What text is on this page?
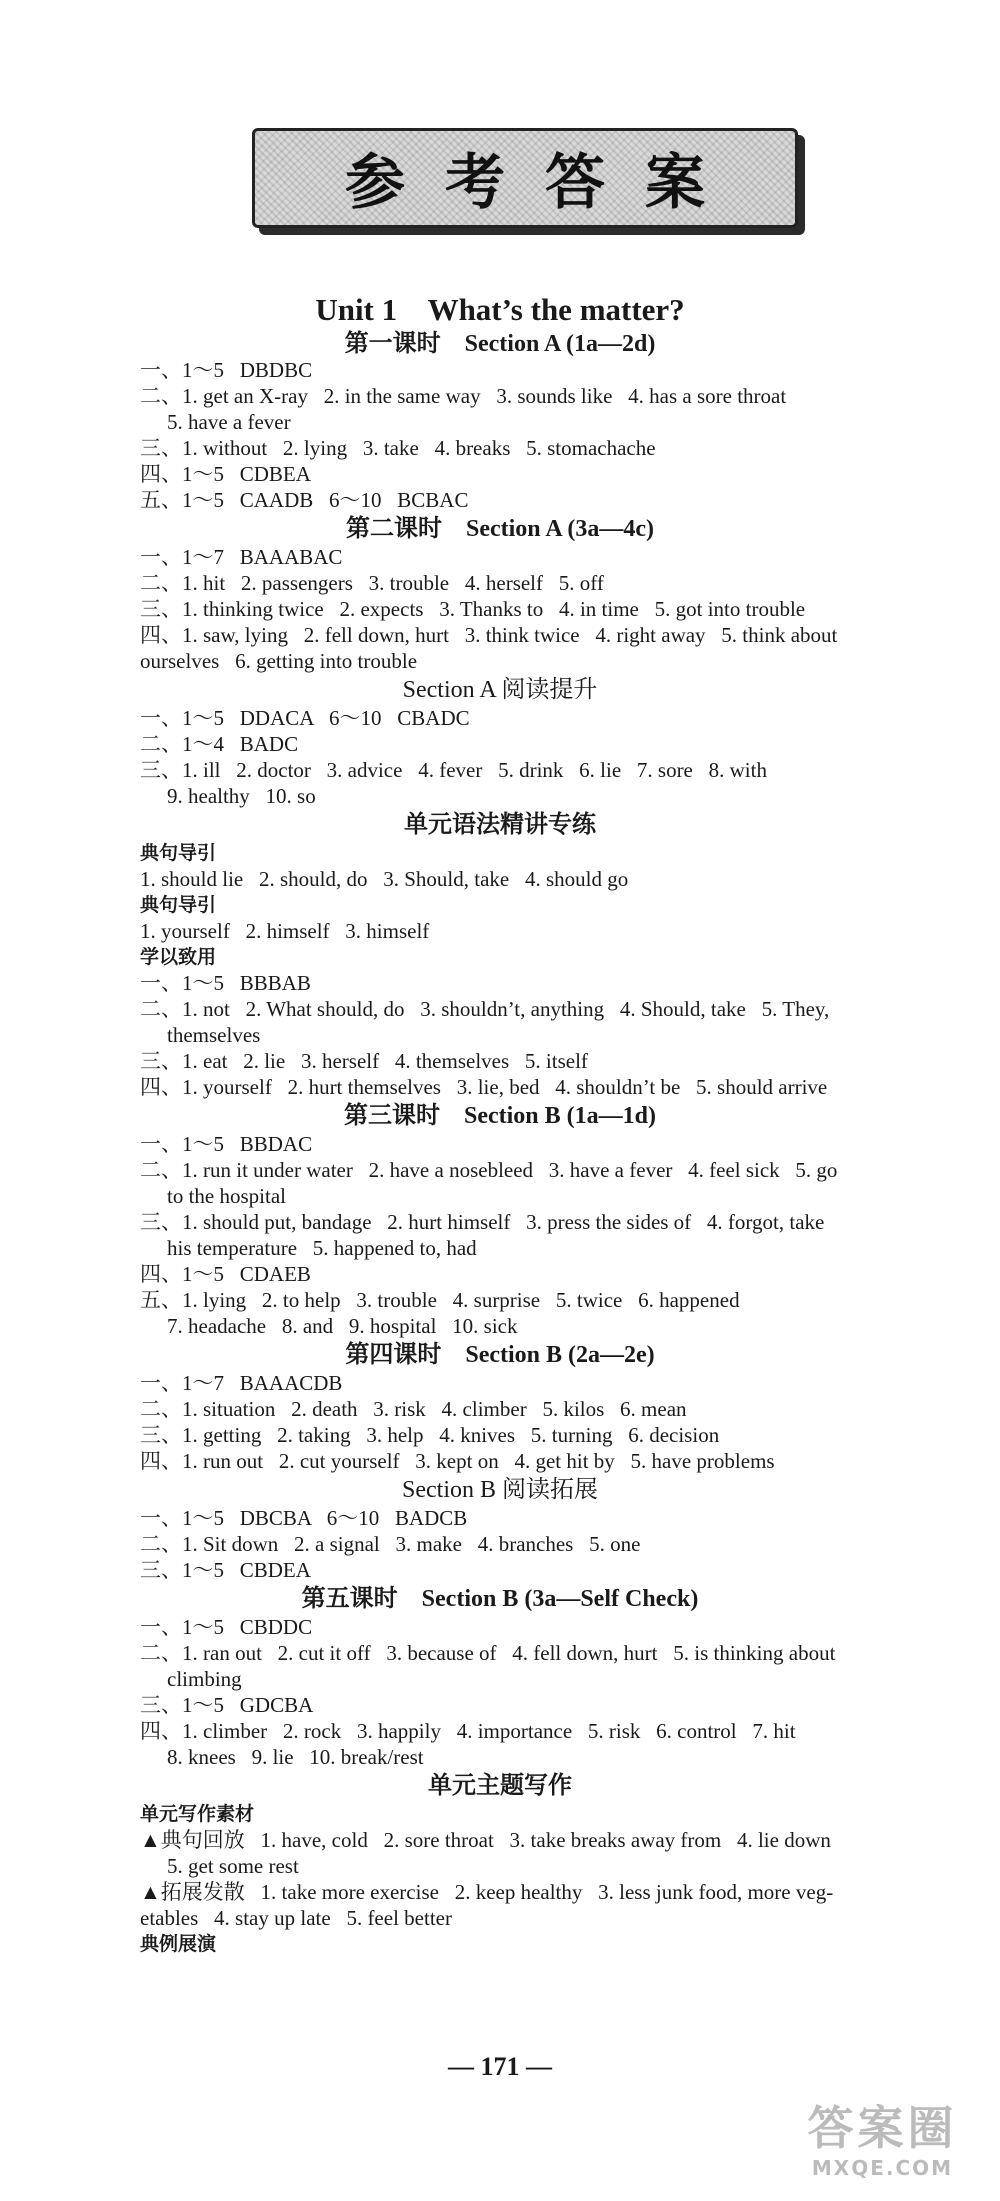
参考答案
Unit 1    What’s the matter?
第一课时    Section A (1a—2d)
一、1～5   DBDBC
二、1. get an X-ray   2. in the same way   3. sounds like   4. has a sore throat
5. have a fever
三、1. without   2. lying   3. take   4. breaks   5. stomachache
四、1～5   CDBEA
五、1～5   CAADB   6～10   BCBAC
第二课时    Section A (3a—4c)
一、1～7   BAAABAC
二、1. hit   2. passengers   3. trouble   4. herself   5. off
三、1. thinking twice   2. expects   3. Thanks to   4. in time   5. got into trouble
四、1. saw, lying   2. fell down, hurt   3. think twice   4. right away   5. think about
ourselves   6. getting into trouble
Section A 阅读提升
一、1～5   DDACA   6～10   CBADC
二、1～4   BADC
三、1. ill   2. doctor   3. advice   4. fever   5. drink   6. lie   7. sore   8. with
9. healthy   10. so
单元语法精讲专练
典句导引
1. should lie   2. should, do   3. Should, take   4. should go
典句导引
1. yourself   2. himself   3. himself
学以致用
一、1～5   BBBAB
二、1. not   2. What should, do   3. shouldn’t, anything   4. Should, take   5. They,
themselves
三、1. eat   2. lie   3. herself   4. themselves   5. itself
四、1. yourself   2. hurt themselves   3. lie, bed   4. shouldn’t be   5. should arrive
第三课时    Section B (1a—1d)
一、1～5   BBDAC
二、1. run it under water   2. have a nosebleed   3. have a fever   4. feel sick   5. go
to the hospital
三、1. should put, bandage   2. hurt himself   3. press the sides of   4. forgot, take
his temperature   5. happened to, had
四、1～5   CDAEB
五、1. lying   2. to help   3. trouble   4. surprise   5. twice   6. happened
7. headache   8. and   9. hospital   10. sick
第四课时    Section B (2a—2e)
一、1～7   BAAACDB
二、1. situation   2. death   3. risk   4. climber   5. kilos   6. mean
三、1. getting   2. taking   3. help   4. knives   5. turning   6. decision
四、1. run out   2. cut yourself   3. kept on   4. get hit by   5. have problems
Section B 阅读拓展
一、1～5   DBCBA   6～10   BADCB
二、1. Sit down   2. a signal   3. make   4. branches   5. one
三、1～5   CBDEA
第五课时    Section B (3a—Self Check)
一、1～5   CBDDC
二、1. ran out   2. cut it off   3. because of   4. fell down, hurt   5. is thinking about
climbing
三、1～5   GDCBA
四、1. climber   2. rock   3. happily   4. importance   5. risk   6. control   7. hit
8. knees   9. lie   10. break/rest
单元主题写作
单元写作素材
▲典句回放   1. have, cold   2. sore throat   3. take breaks away from   4. lie down
5. get some rest
▲拓展发散   1. take more exercise   2. keep healthy   3. less junk food, more veg-
etables   4. stay up late   5. feel better
典例展演
— 171 —
答案圈
MXQE.COM
